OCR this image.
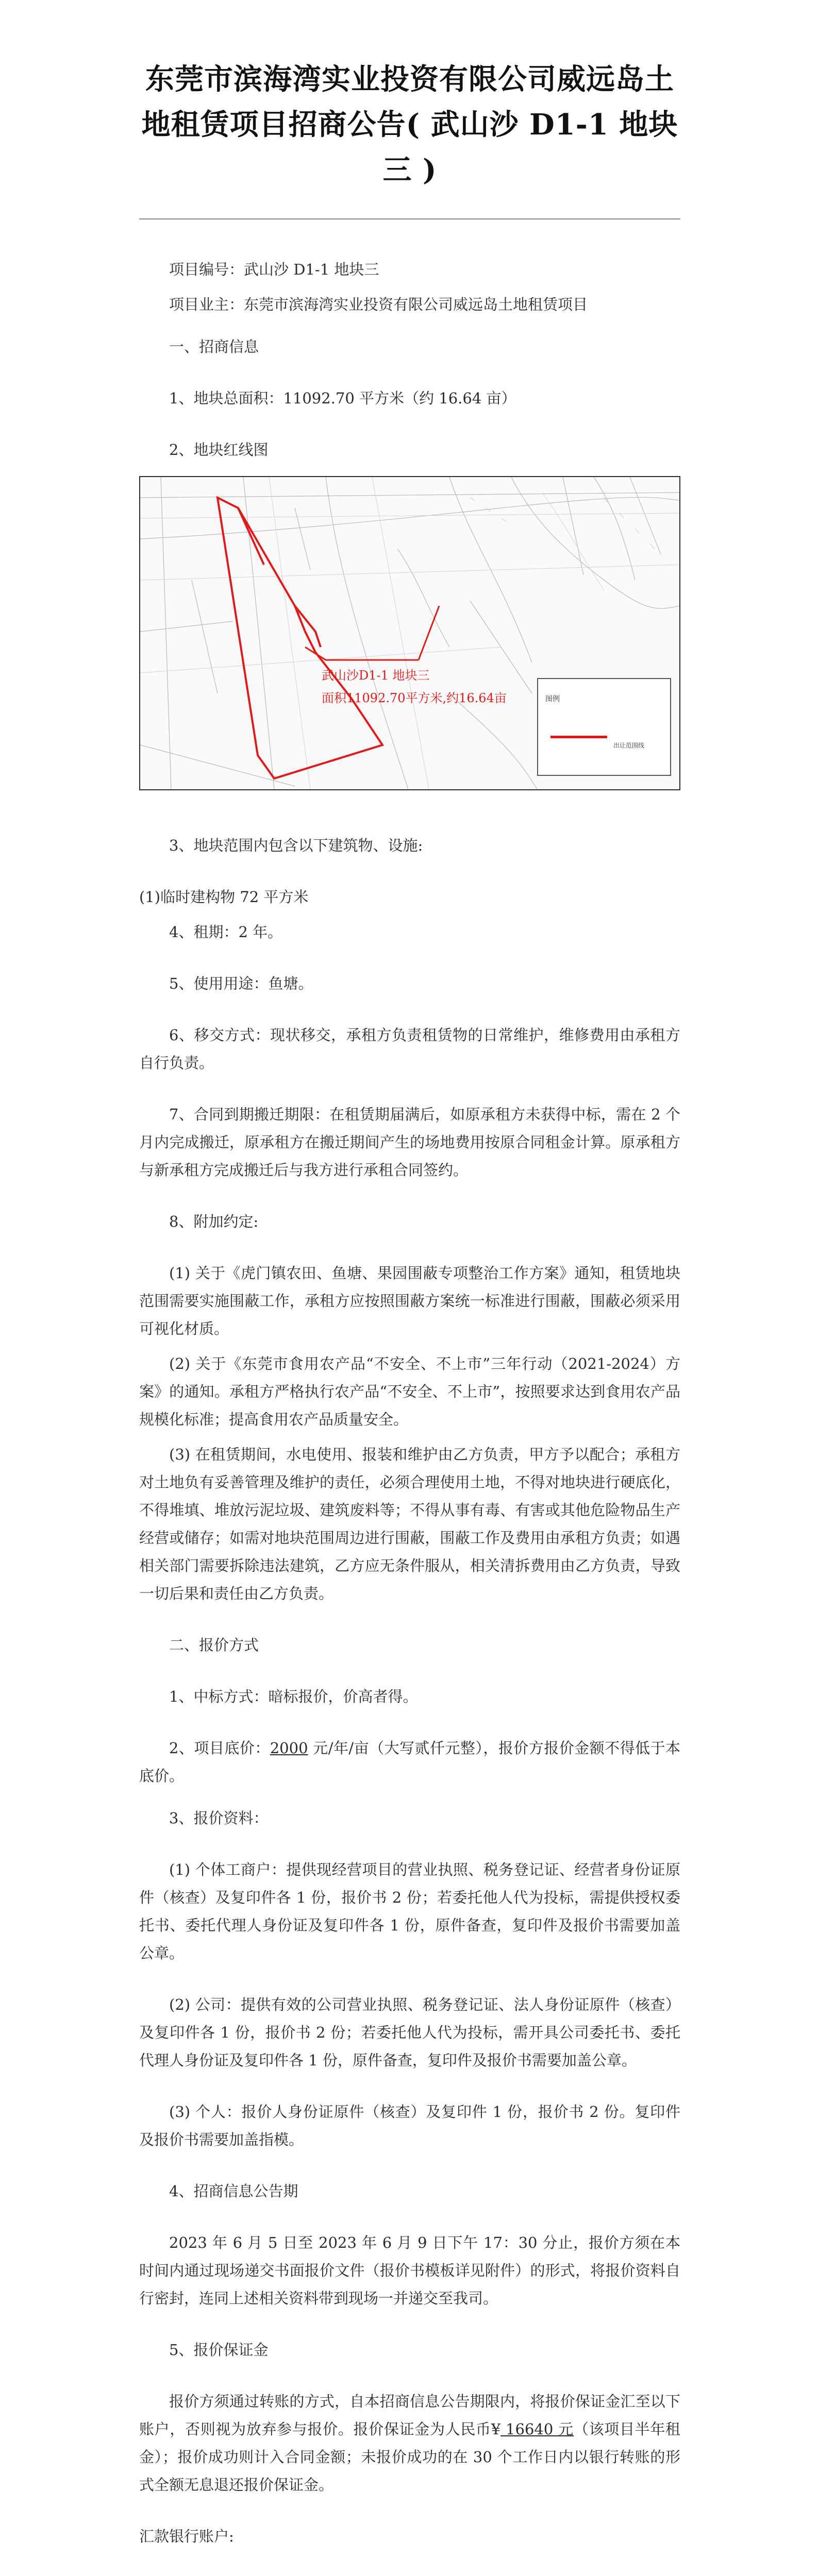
东莞市滨海湾实业投资有限公司威远岛土
地租赁项目招商公告( 武山沙 D1-1 地块三 )

项目编号：武山沙 D1-1 地块三

项目业主：东莞市滨海湾实业投资有限公司威远岛土地租赁项目

一、招商信息

1、地块总面积：11092.70 平方米（约 16.64 亩）

2、地块红线图

武山沙D1-1 地块三
面积11092.70平方米,约16.64亩	图例
出让范围线

3、地块范围内包含以下建筑物、设施:

(1)临时建构物 72 平方米

4、租期：2 年。

5、使用用途：鱼塘。

6、移交方式：现状移交，承租方负责租赁物的日常维护，维修费用由承租方自行负责。

7、合同到期搬迁期限：在租赁期届满后，如原承租方未获得中标，需在 2 个月内完成搬迁，原承租方在搬迁期间产生的场地费用按原合同租金计算。原承租方与新承租方完成搬迁后与我方进行承租合同签约。

8、附加约定:

(1) 关于《虎门镇农田、鱼塘、果园围蔽专项整治工作方案》通知，租赁地块范围需要实施围蔽工作，承租方应按照围蔽方案统一标准进行围蔽，围蔽必须采用可视化材质。

(2) 关于《东莞市食用农产品“不安全、不上市”三年行动（2021-2024）方案》的通知。承租方严格执行农产品“不安全、不上市”，按照要求达到食用农产品规模化标准；提高食用农产品质量安全。

(3) 在租赁期间，水电使用、报装和维护由乙方负责，甲方予以配合；承租方对土地负有妥善管理及维护的责任，必须合理使用土地，不得对地块进行硬底化，不得堆填、堆放污泥垃圾、建筑废料等；不得从事有毒、有害或其他危险物品生产经营或储存；如需对地块范围周边进行围蔽，围蔽工作及费用由承租方负责；如遇相关部门需要拆除违法建筑，乙方应无条件服从，相关清拆费用由乙方负责，导致一切后果和责任由乙方负责。

二、报价方式

1、中标方式：暗标报价，价高者得。

2、项目底价：2000 元/年/亩（大写贰仟元整），报价方报价金额不得低于本底价。

3、报价资料：

(1) 个体工商户：提供现经营项目的营业执照、税务登记证、经营者身份证原件（核查）及复印件各 1 份，报价书 2 份；若委托他人代为投标，需提供授权委托书、委托代理人身份证及复印件各 1 份，原件备查，复印件及报价书需要加盖公章。

(2) 公司：提供有效的公司营业执照、税务登记证、法人身份证原件（核查）及复印件各 1 份，报价书 2 份；若委托他人代为投标，需开具公司委托书、委托代理人身份证及复印件各 1 份，原件备查，复印件及报价书需要加盖公章。

(3) 个人：报价人身份证原件（核查）及复印件 1 份，报价书 2 份。复印件及报价书需要加盖指模。

4、招商信息公告期

2023 年 6 月 5 日至 2023 年 6 月 9 日下午 17：30 分止，报价方须在本时间内通过现场递交书面报价文件（报价书模板详见附件）的形式，将报价资料自行密封，连同上述相关资料带到现场一并递交至我司。

5、报价保证金

报价方须通过转账的方式，自本招商信息公告期限内，将报价保证金汇至以下账户，否则视为放弃参与报价。报价保证金为人民币¥ 16640 元（该项目半年租金）；报价成功则计入合同金额；未报价成功的在 30 个工作日内以银行转账的形式全额无息退还报价保证金。

汇款银行账户:
